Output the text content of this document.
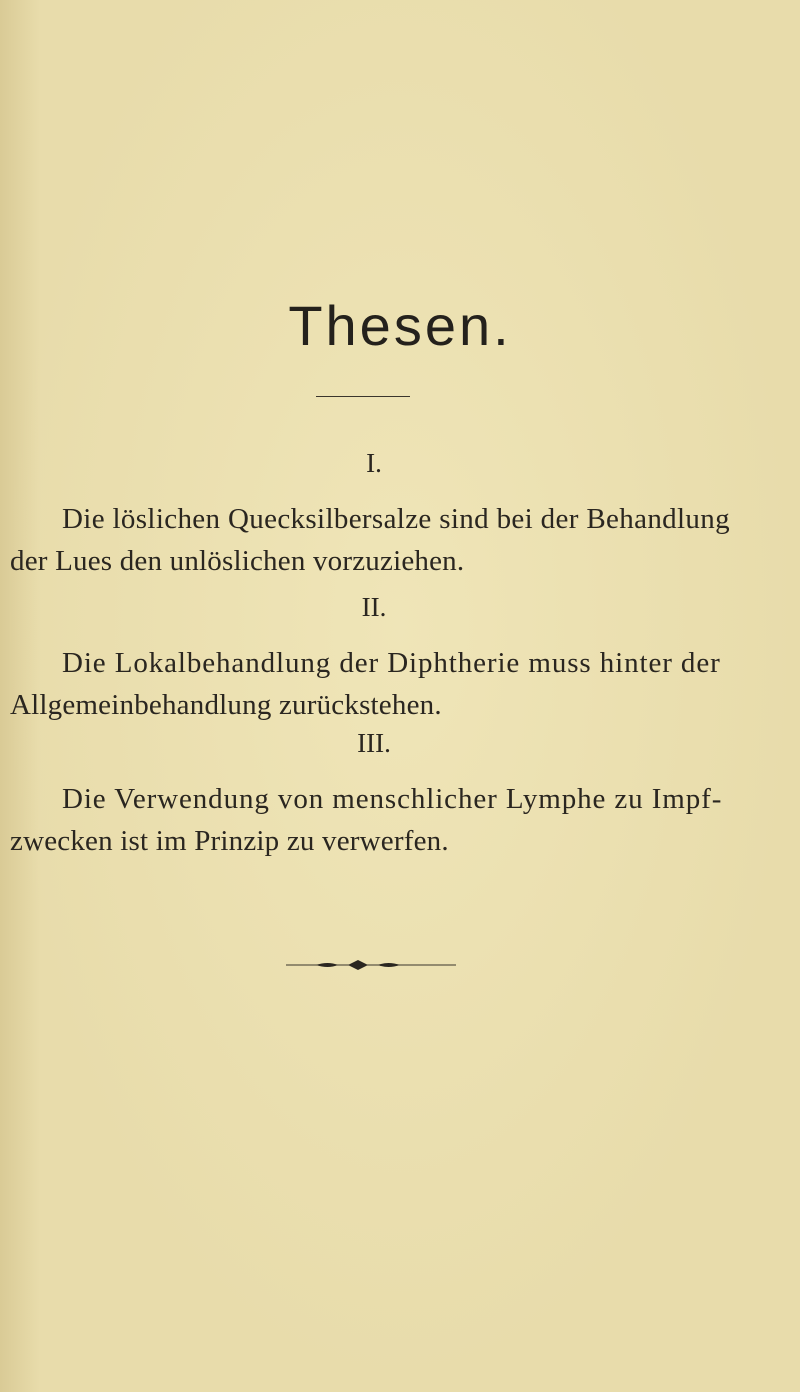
Thesen.
I.
Die löslichen Quecksilbersalze sind bei der Behandlung
der Lues den unlöslichen vorzuziehen.
II.
Die Lokalbehandlung der Diphtherie muss hinter der
Allgemeinbehandlung zurückstehen.
III.
Die Verwendung von menschlicher Lymphe zu Impf-
zwecken ist im Prinzip zu verwerfen.
